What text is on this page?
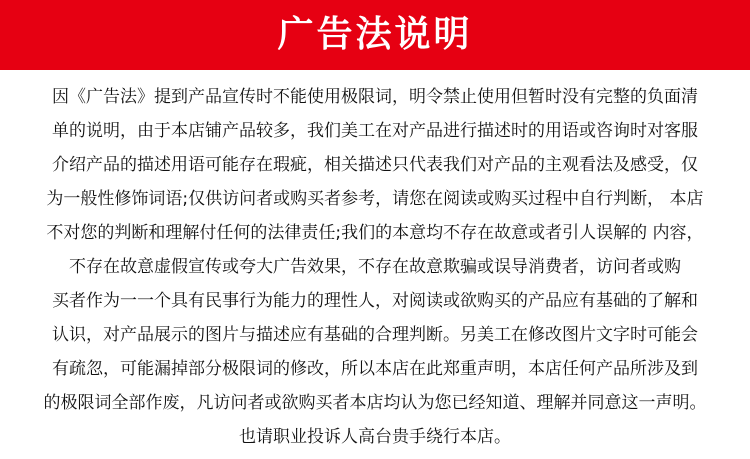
广告法说明
因《广告法》提到产品宣传时不能使用极限词，明令禁止使用但暂时没有完整的负面清
单的说明，由于本店铺产品较多，我们美工在对产品进行描述时的用语或咨询时对客服
介绍产品的描述用语可能存在瑕疵，相关描述只代表我们对产品的主观看法及感受，仅
为一般性修饰词语;仅供访问者或购买者参考，请您在阅读或购买过程中自行判断， 本店
不对您的判断和理解付任何的法律责任;我们的本意均不存在故意或者引人误解的 内容，
不存在故意虚假宣传或夸大广告效果，不存在故意欺骗或误导消费者，访问者或购
买者作为一一个具有民事行为能力的理性人，对阅读或欲购买的产品应有基础的了解和
认识，对产品展示的图片与描述应有基础的合理判断。另美工在修改图片文字时可能会
有疏忽，可能漏掉部分极限词的修改，所以本店在此郑重声明，本店任何产品所涉及到
的极限词全部作废，凡访问者或欲购买者本店均认为您已经知道、理解并同意这一声明。
也请职业投诉人高台贵手绕行本店。
